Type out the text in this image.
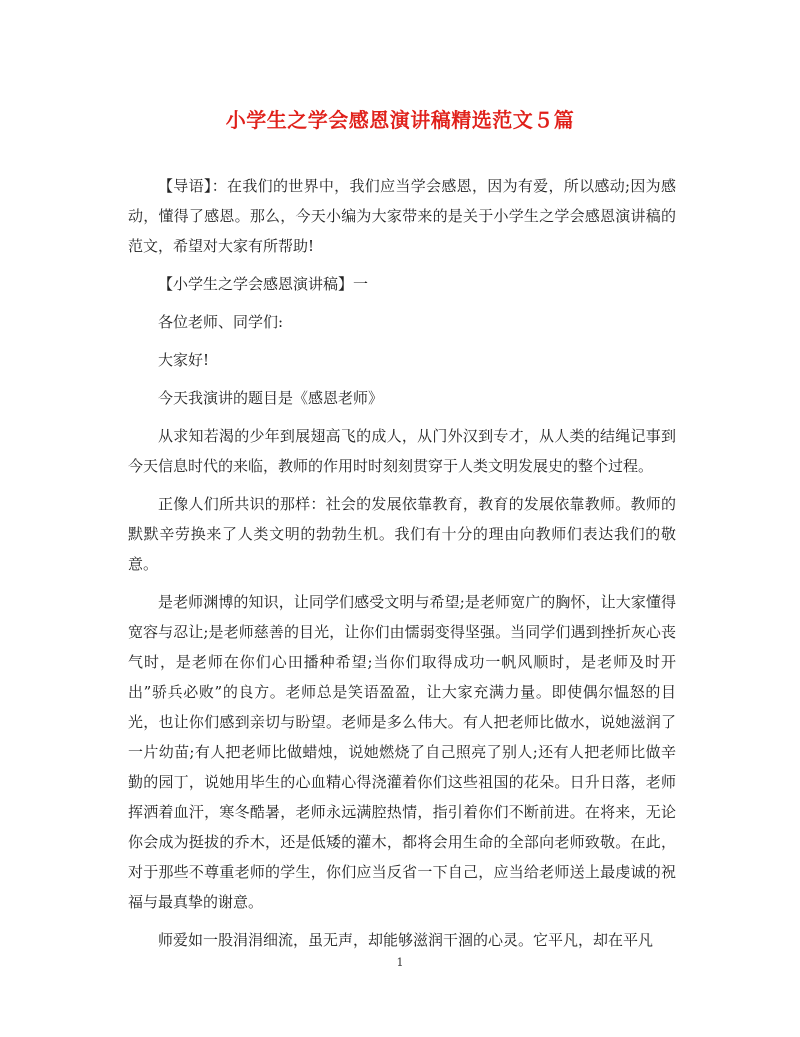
小学生之学会感恩演讲稿精选范文５篇

【导语】：在我们的世界中，我们应当学会感恩，因为有爱，所以感动;因为感动，懂得了感恩。那么，今天小编为大家带来的是关于小学生之学会感恩演讲稿的范文，希望对大家有所帮助!

【小学生之学会感恩演讲稿】一

各位老师、同学们:

大家好!

今天我演讲的题目是《感恩老师》

从求知若渴的少年到展翅高飞的成人，从门外汉到专才，从人类的结绳记事到今天信息时代的来临，教师的作用时时刻刻贯穿于人类文明发展史的整个过程。

正像人们所共识的那样：社会的发展依靠教育，教育的发展依靠教师。教师的默默辛劳换来了人类文明的勃勃生机。我们有十分的理由向教师们表达我们的敬意。

是老师渊博的知识，让同学们感受文明与希望;是老师宽广的胸怀，让大家懂得宽容与忍让;是老师慈善的目光，让你们由懦弱变得坚强。当同学们遇到挫折灰心丧气时，是老师在你们心田播种希望;当你们取得成功一帆风顺时，是老师及时开出”骄兵必败”的良方。老师总是笑语盈盈，让大家充满力量。即使偶尔愠怒的目光，也让你们感到亲切与盼望。老师是多么伟大。有人把老师比做水，说她滋润了一片幼苗;有人把老师比做蜡烛，说她燃烧了自己照亮了别人;还有人把老师比做辛勤的园丁，说她用毕生的心血精心得浇灌着你们这些祖国的花朵。日升日落，老师挥洒着血汗，寒冬酷暑，老师永远满腔热情，指引着你们不断前进。在将来，无论你会成为挺拔的乔木，还是低矮的灌木，都将会用生命的全部向老师致敬。在此，对于那些不尊重老师的学生，你们应当反省一下自己，应当给老师送上最虔诚的祝福与最真挚的谢意。

师爱如一股涓涓细流，虽无声，却能够滋润干涸的心灵。它平凡，却在平凡

1
